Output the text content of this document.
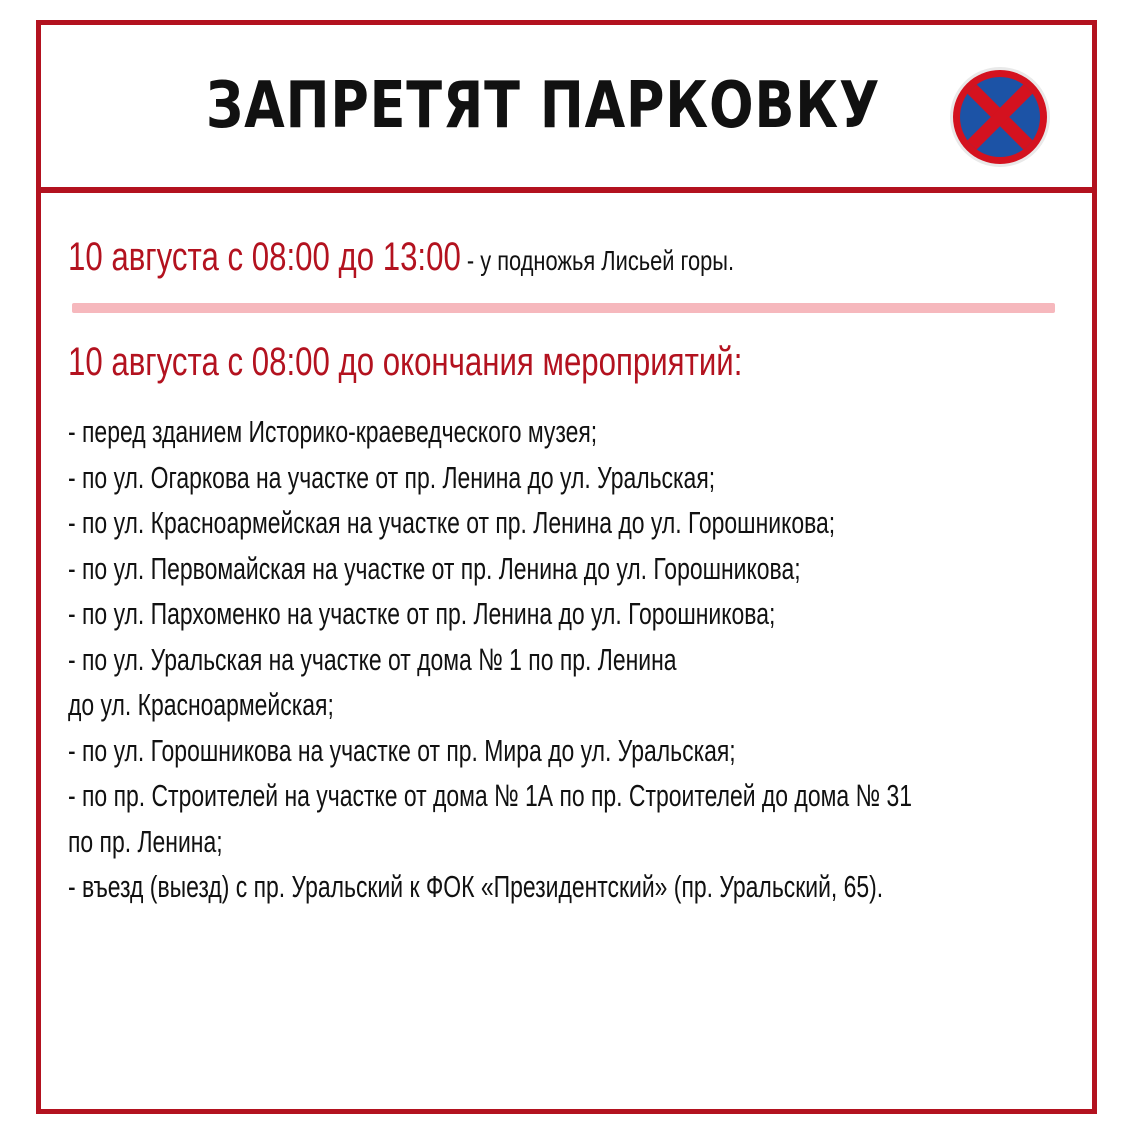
ЗАПРЕТЯТ ПАРКОВКУ
10 августа с 08:00 до 13:00 - у подножья Лисьей горы.
10 августа с 08:00 до окончания мероприятий:
- перед зданием Историко-краеведческого музея;
- по ул. Огаркова на участке от пр. Ленина до ул. Уральская;
- по ул. Красноармейская на участке от пр. Ленина до ул. Горошникова;
- по ул. Первомайская на участке от пр. Ленина до ул. Горошникова;
- по ул. Пархоменко на участке от пр. Ленина до ул. Горошникова;
- по ул. Уральская на участке от дома № 1 по пр. Ленина
до ул. Красноармейская;
- по ул. Горошникова на участке от пр. Мира до ул. Уральская;
- по пр. Строителей на участке от дома № 1А по пр. Строителей до дома № 31
по пр. Ленина;
- въезд (выезд) с пр. Уральский к ФОК «Президентский» (пр. Уральский, 65).
